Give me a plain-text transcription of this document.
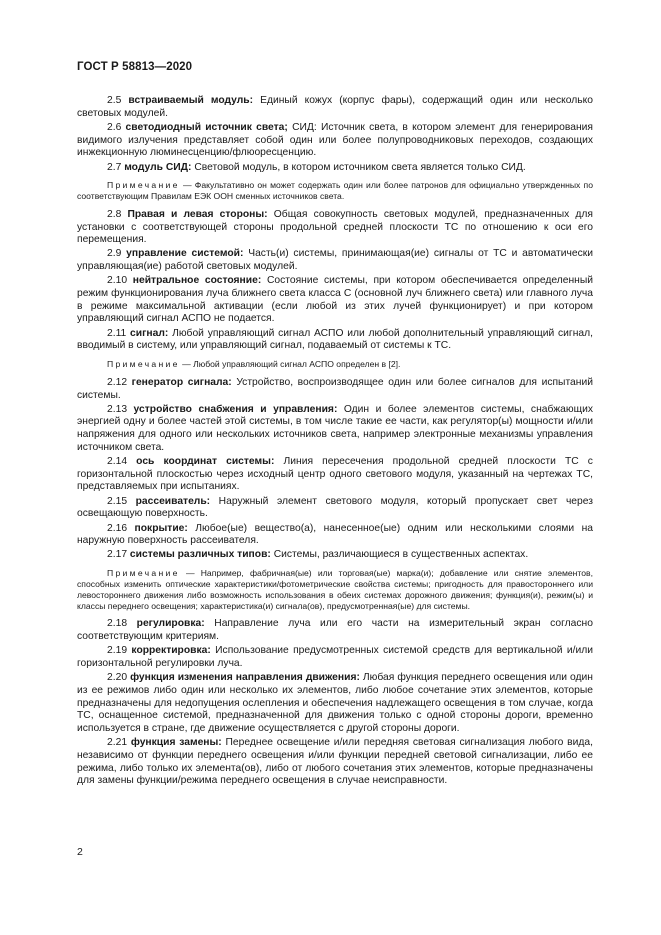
ГОСТ Р 58813—2020
2.5 встраиваемый модуль: Единый кожух (корпус фары), содержащий один или несколько световых модулей.
2.6 светодиодный источник света; СИД: Источник света, в котором элемент для генерирования видимого излучения представляет собой один или более полупроводниковых переходов, создающих инжекционную люминесценцию/флюоресценцию.
2.7 модуль СИД: Световой модуль, в котором источником света является только СИД.
Примечание — Факультативно он может содержать один или более патронов для официально утвержденных по соответствующим Правилам ЕЭК ООН сменных источников света.
2.8 Правая и левая стороны: Общая совокупность световых модулей, предназначенных для установки с соответствующей стороны продольной средней плоскости ТС по отношению к оси его перемещения.
2.9 управление системой: Часть(и) системы, принимающая(ие) сигналы от ТС и автоматически управляющая(ие) работой световых модулей.
2.10 нейтральное состояние: Состояние системы, при котором обеспечивается определенный режим функционирования луча ближнего света класса С (основной луч ближнего света) или главного луча в режиме максимальной активации (если любой из этих лучей функционирует) и при котором управляющий сигнал АСПО не подается.
2.11 сигнал: Любой управляющий сигнал АСПО или любой дополнительный управляющий сигнал, вводимый в систему, или управляющий сигнал, подаваемый от системы к ТС.
Примечание — Любой управляющий сигнал АСПО определен в [2].
2.12 генератор сигнала: Устройство, воспроизводящее один или более сигналов для испытаний системы.
2.13 устройство снабжения и управления: Один и более элементов системы, снабжающих энергией одну и более частей этой системы, в том числе такие ее части, как регулятор(ы) мощности и/или напряжения для одного или нескольких источников света, например электронные механизмы управления источником света.
2.14 ось координат системы: Линия пересечения продольной средней плоскости ТС с горизонтальной плоскостью через исходный центр одного светового модуля, указанный на чертежах ТС, представляемых при испытаниях.
2.15 рассеиватель: Наружный элемент светового модуля, который пропускает свет через освещающую поверхность.
2.16 покрытие: Любое(ые) вещество(а), нанесенное(ые) одним или несколькими слоями на наружную поверхность рассеивателя.
2.17 системы различных типов: Системы, различающиеся в существенных аспектах.
Примечание — Например, фабричная(ые) или торговая(ые) марка(и); добавление или снятие элементов, способных изменить оптические характеристики/фотометрические свойства системы; пригодность для правостороннего или левостороннего движения либо возможность использования в обеих системах дорожного движения; функция(и), режим(ы) и классы переднего освещения; характеристика(и) сигнала(ов), предусмотренная(ые) для системы.
2.18 регулировка: Направление луча или его части на измерительный экран согласно соответствующим критериям.
2.19 корректировка: Использование предусмотренных системой средств для вертикальной и/или горизонтальной регулировки луча.
2.20 функция изменения направления движения: Любая функция переднего освещения или один из ее режимов либо один или несколько их элементов, либо любое сочетание этих элементов, которые предназначены для недопущения ослепления и обеспечения надлежащего освещения в том случае, когда ТС, оснащенное системой, предназначенной для движения только с одной стороны дороги, временно используется в стране, где движение осуществляется с другой стороны дороги.
2.21 функция замены: Переднее освещение и/или передняя световая сигнализация любого вида, независимо от функции переднего освещения и/или функции передней световой сигнализации, либо ее режима, либо только их элемента(ов), либо от любого сочетания этих элементов, которые предназначены для замены функции/режима переднего освещения в случае неисправности.
2
